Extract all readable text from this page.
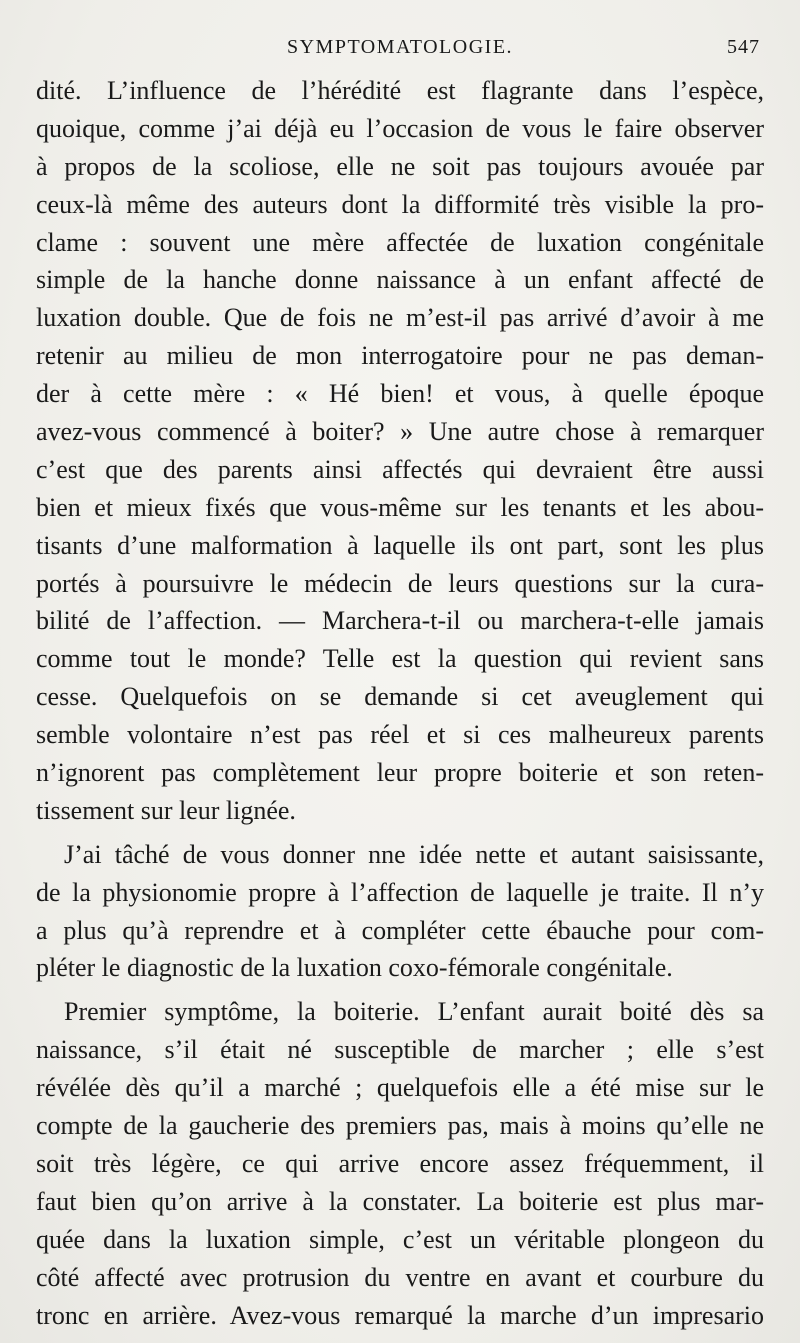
SYMPTOMATOLOGIE.	547
dité. L’influence de l’hérédité est flagrante dans l’espèce,
quoique, comme j’ai déjà eu l’occasion de vous le faire observer
à propos de la scoliose, elle ne soit pas toujours avouée par
ceux-là même des auteurs dont la difformité très visible la pro-
clame : souvent une mère affectée de luxation congénitale
simple de la hanche donne naissance à un enfant affecté de
luxation double. Que de fois ne m’est-il pas arrivé d’avoir à me
retenir au milieu de mon interrogatoire pour ne pas deman-
der à cette mère : « Hé bien! et vous, à quelle époque
avez-vous commencé à boiter? » Une autre chose à remarquer
c’est que des parents ainsi affectés qui devraient être aussi
bien et mieux fixés que vous-même sur les tenants et les abou-
tisants d’une malformation à laquelle ils ont part, sont les plus
portés à poursuivre le médecin de leurs questions sur la cura-
bilité de l’affection. — Marchera-t-il ou marchera-t-elle jamais
comme tout le monde? Telle est la question qui revient sans
cesse. Quelquefois on se demande si cet aveuglement qui
semble volontaire n’est pas réel et si ces malheureux parents
n’ignorent pas complètement leur propre boiterie et son reten-
tissement sur leur lignée.
J’ai tâché de vous donner nne idée nette et autant saisissante,
de la physionomie propre à l’affection de laquelle je traite. Il n’y
a plus qu’à reprendre et à compléter cette ébauche pour com-
pléter le diagnostic de la luxation coxo-fémorale congénitale.
Premier symptôme, la boiterie. L’enfant aurait boité dès sa
naissance, s’il était né susceptible de marcher ; elle s’est
révélée dès qu’il a marché ; quelquefois elle a été mise sur le
compte de la gaucherie des premiers pas, mais à moins qu’elle ne
soit très légère, ce qui arrive encore assez fréquemment, il
faut bien qu’on arrive à la constater. La boiterie est plus mar-
quée dans la luxation simple, c’est un véritable plongeon du
côté affecté avec protrusion du ventre en avant et courbure du
tronc en arrière. Avez-vous remarqué la marche d’un impresario
